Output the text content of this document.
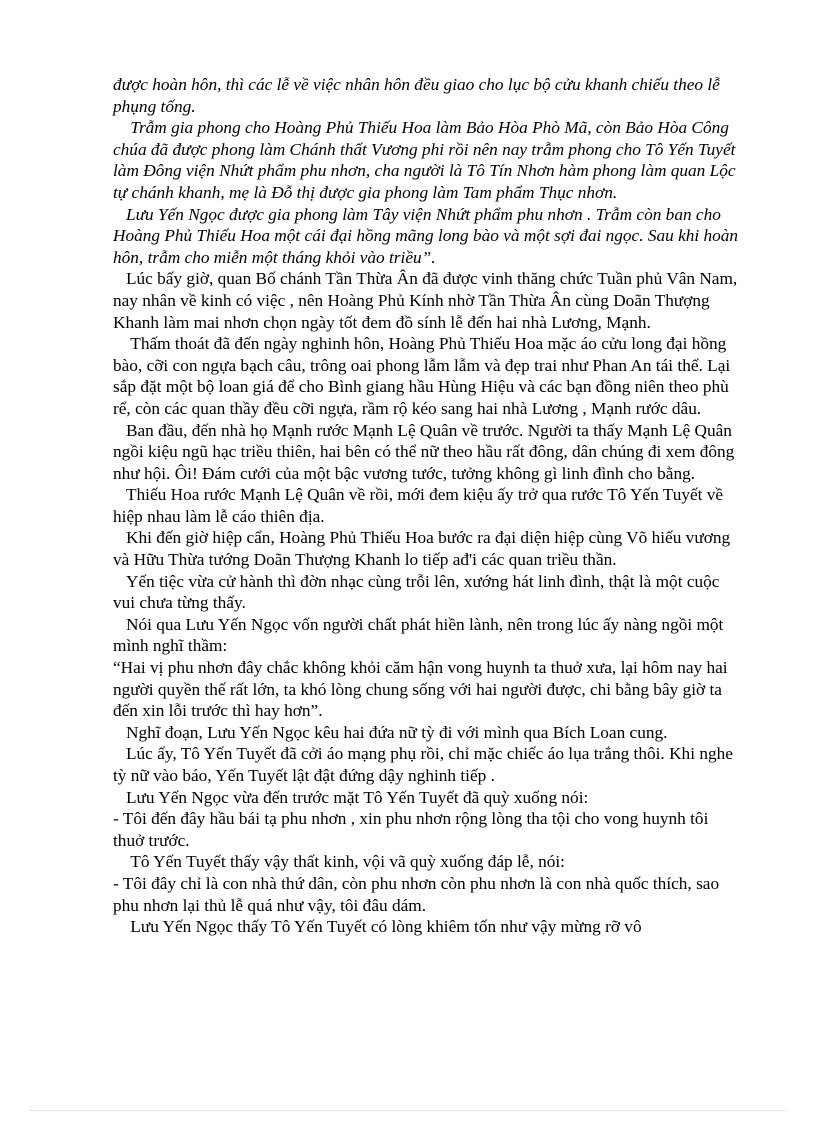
được hoàn hôn, thì các lễ về việc nhân hôn đều giao cho lục bộ cửu khanh chiếu theo lễ phụng tống.

Trẫm gia phong cho Hoàng Phủ Thiếu Hoa làm Bảo Hòa Phò Mã, còn Bảo Hòa Công chúa đã được phong làm Chánh thất Vương phi rồi nên nay trẫm phong cho Tô Yến Tuyết làm Đông viện Nhứt phẩm phu nhơn, cha người là Tô Tín Nhơn hàm phong làm quan Lộc tự chánh khanh, mẹ là Đỗ thị được gia phong làm Tam phẩm Thục nhơn.

Lưu Yến Ngọc được gia phong làm Tây viện Nhứt phẩm phu nhơn . Trẫm còn ban cho Hoàng Phủ Thiếu Hoa một cái đại hồng mãng long bào và một sợi đai ngọc. Sau khi hoàn hôn, trẫm cho miễn một tháng khỏi vào triều”.

Lúc bấy giờ, quan Bố chánh Tần Thừa Ân đã được vinh thăng chức Tuần phủ Vân Nam, nay nhân về kinh có việc , nên Hoàng Phủ Kính nhờ Tần Thừa Ân cùng Doãn Thượng Khanh làm mai nhơn chọn ngày tốt đem đồ sính lễ đến hai nhà Lương, Mạnh.

Thấm thoát đã đến ngày nghinh hôn, Hoàng Phủ Thiếu Hoa mặc áo cửu long đại hồng bào, cỡi con ngựa bạch câu, trông oai phong lẫm lẫm và đẹp trai như Phan An tái thế. Lại sắp đặt một bộ loan giá để cho Bình giang hầu Hùng Hiệu và các bạn đồng niên theo phù rể, còn các quan thầy đều cỡi ngựa, rầm rộ kéo sang hai nhà Lương , Mạnh rước dâu.

Ban đầu, đến nhà họ Mạnh rước Mạnh Lệ Quân về trước. Người ta thấy Mạnh Lệ Quân ngồi kiệu ngũ hạc triều thiên, hai bên có thể nữ theo hầu rất đông, dân chúng đi xem đông như hội. Ôi! Đám cưới của một bậc vương tước, tưởng không gì linh đình cho bằng.

Thiếu Hoa rước Mạnh Lệ Quân về rồi, mới đem kiệu ấy trở qua rước Tô Yến Tuyết về hiệp nhau làm lễ cáo thiên địa.

Khi đến giờ hiệp cẩn, Hoàng Phủ Thiếu Hoa bước ra đại diện hiệp cùng Võ hiếu vương và Hữu Thừa tướng Doãn Thượng Khanh lo tiếp ađ'i các quan triều thần.

Yến tiệc vừa cử hành thì đờn nhạc cùng trỗi lên, xướng hát linh đình, thật là một cuộc vui chưa từng thấy.

Nói qua Lưu Yến Ngọc vốn người chất phát hiền lành, nên trong lúc ấy nàng ngồi một mình nghĩ thầm:

“Hai vị phu nhơn đây chắc không khỏi căm hận vong huynh ta thuở xưa, lại hôm nay hai người quyền thế rất lớn, ta khó lòng chung sống với hai người được, chi bằng bây giờ ta đến xin lỗi trước thì hay hơn”.

Nghĩ đoạn, Lưu Yến Ngọc kêu hai đứa nữ tỳ đi với mình qua Bích Loan cung.

Lúc ấy, Tô Yến Tuyết đã cởi áo mạng phụ rồi, chỉ mặc chiếc áo lụa trắng thôi. Khi nghe tỳ nữ vào báo, Yến Tuyết lật đật đứng dậy nghinh tiếp .

Lưu Yến Ngọc vừa đến trước mặt Tô Yến Tuyết đã quỳ xuống nói:

- Tôi đến đây hầu bái tạ phu nhơn , xin phu nhơn rộng lòng tha tội cho vong huynh tôi thuở trước.

Tô Yến Tuyết thấy vậy thất kinh, vội vã quỳ xuống đáp lễ, nói:

- Tôi đây chỉ là con nhà thứ dân, còn phu nhơn còn phu nhơn là con nhà quốc thích, sao phu nhơn lại thủ lễ quá như vậy, tôi đâu dám.

Lưu Yến Ngọc thấy Tô Yến Tuyết có lòng khiêm tốn như vậy mừng rỡ vô
